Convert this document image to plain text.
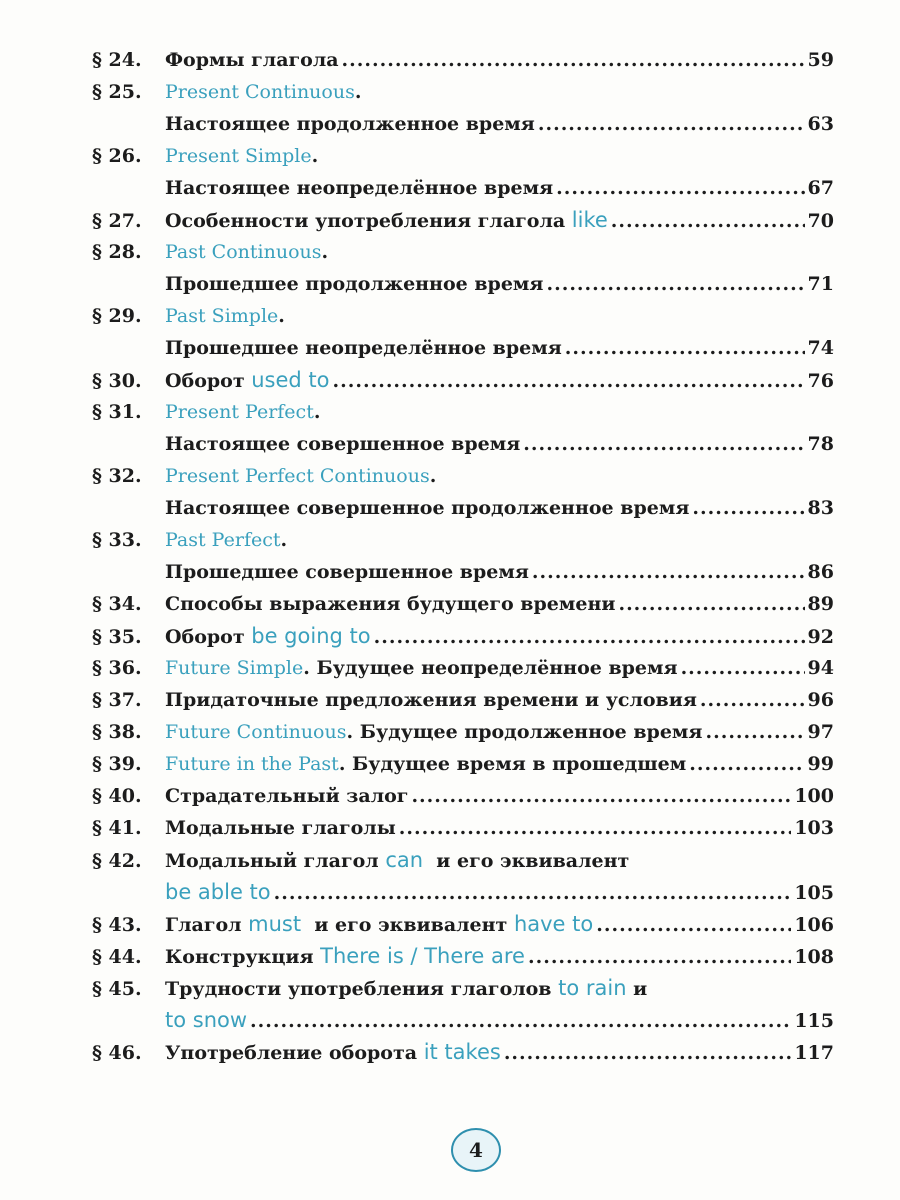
§ 24.	Формы глагола .....	59
§ 25.	Present Continuous .
Настоящее продолженное время .....	63
§ 26.	Present Simple .
Настоящее неопределённое время .....	67
§ 27.	Особенности употребления глагола like .....	70
§ 28.	Past Continuous .
Прошедшее продолженное время .....	71
§ 29.	Past Simple .
Прошедшее неопределённое время .....	74
§ 30.	Оборот used to .....	76
§ 31.	Present Perfect .
Настоящее совершенное время .....	78
§ 32.	Present Perfect Continuous .
Настоящее совершенное продолженное время .....	83
§ 33.	Past Perfect .
Прошедшее совершенное время .....	86
§ 34.	Способы выражения будущего времени .....	89
§ 35.	Оборот be going to .....	92
§ 36.	Future Simple . Будущее неопределённое время .....	94
§ 37.	Придаточные предложения времени и условия .....	96
§ 38.	Future Continuous . Будущее продолженное время .....	97
§ 39.	Future in the Past . Будущее время в прошедшем .....	99
§ 40.	Страдательный залог .....	100
§ 41.	Модальные глаголы .....	103
§ 42.	Модальный глагол can и его эквивалент
be able to .....	105
§ 43.	Глагол must и его эквивалент have to .....	106
§ 44.	Конструкция There is / There are .....	108
§ 45.	Трудности употребления глаголов to rain и
to snow .....	115
§ 46.	Употребление оборота it takes .....	117
4
